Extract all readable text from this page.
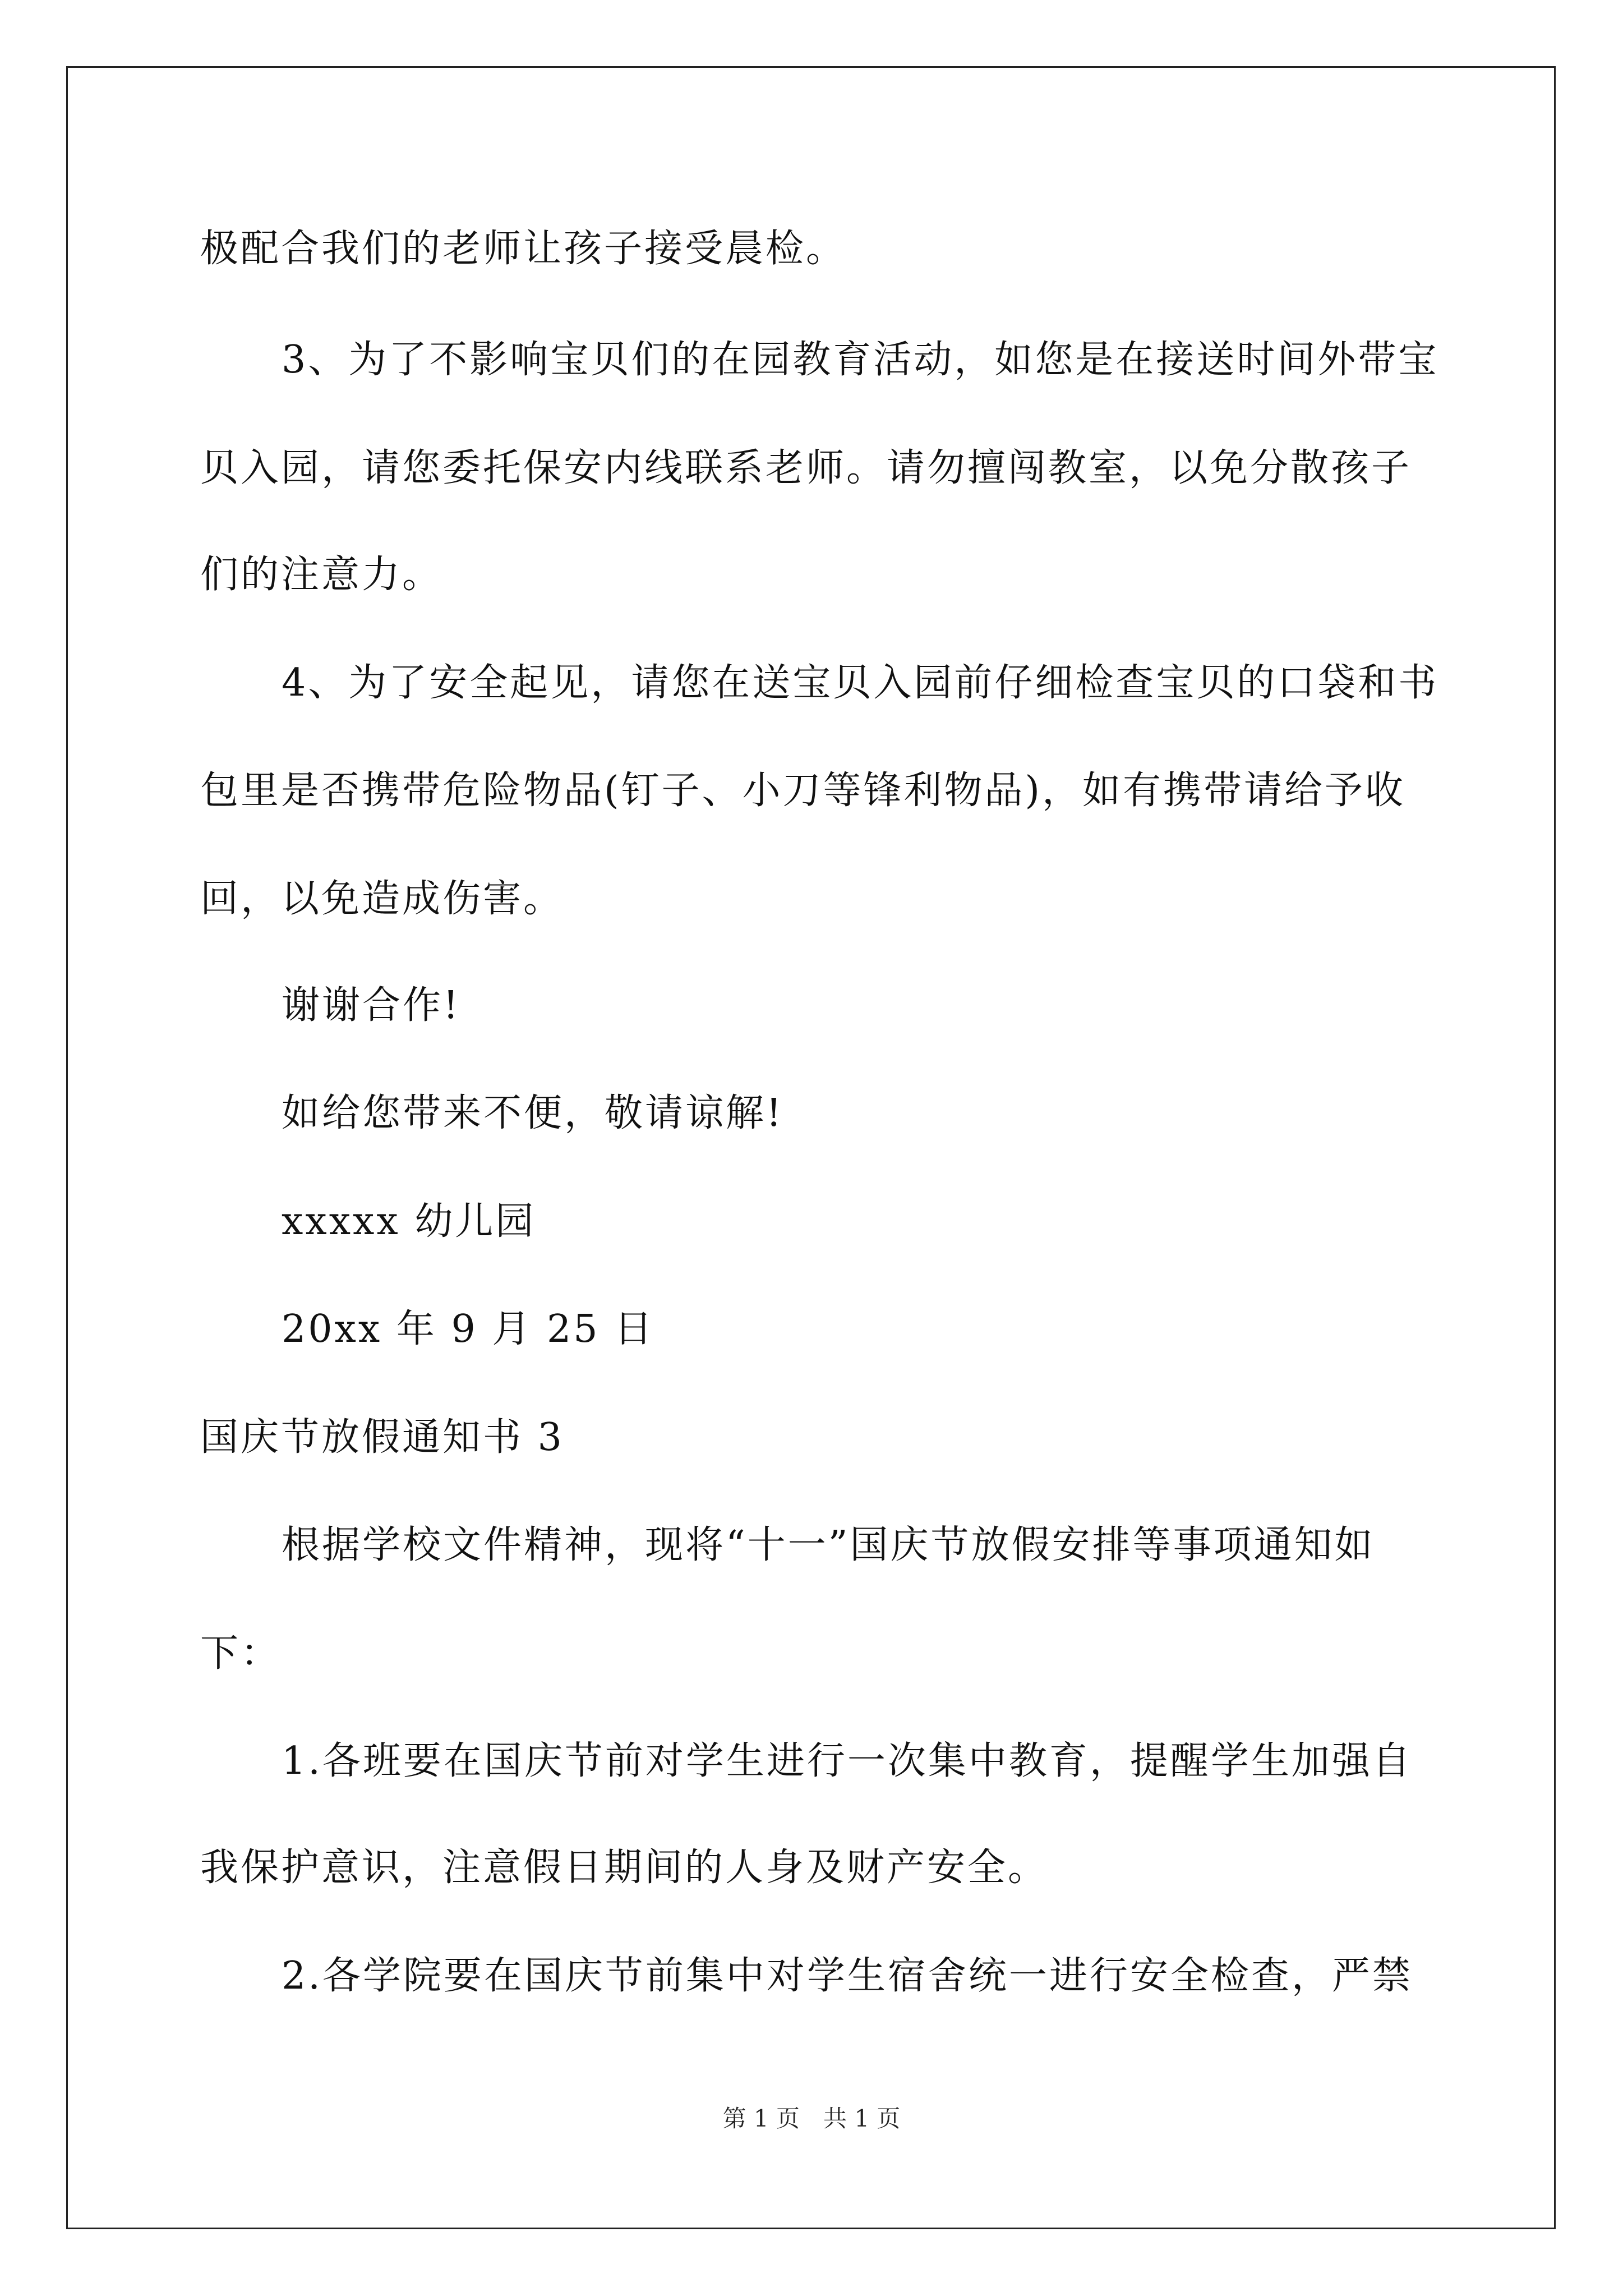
极配合我们的老师让孩子接受晨检。
3、为了不影响宝贝们的在园教育活动，如您是在接送时间外带宝
贝入园，请您委托保安内线联系老师。请勿擅闯教室，以免分散孩子
们的注意力。
4、为了安全起见，请您在送宝贝入园前仔细检查宝贝的口袋和书
包里是否携带危险物品(钉子、小刀等锋利物品)，如有携带请给予收
回，以免造成伤害。
谢谢合作!
如给您带来不便，敬请谅解!
xxxxx 幼儿园
20xx 年 9 月 25 日
国庆节放假通知书 3
根据学校文件精神，现将“十一”国庆节放假安排等事项通知如
下：
1.各班要在国庆节前对学生进行一次集中教育，提醒学生加强自
我保护意识，注意假日期间的人身及财产安全。
2.各学院要在国庆节前集中对学生宿舍统一进行安全检查，严禁
第 1 页　共 1 页
